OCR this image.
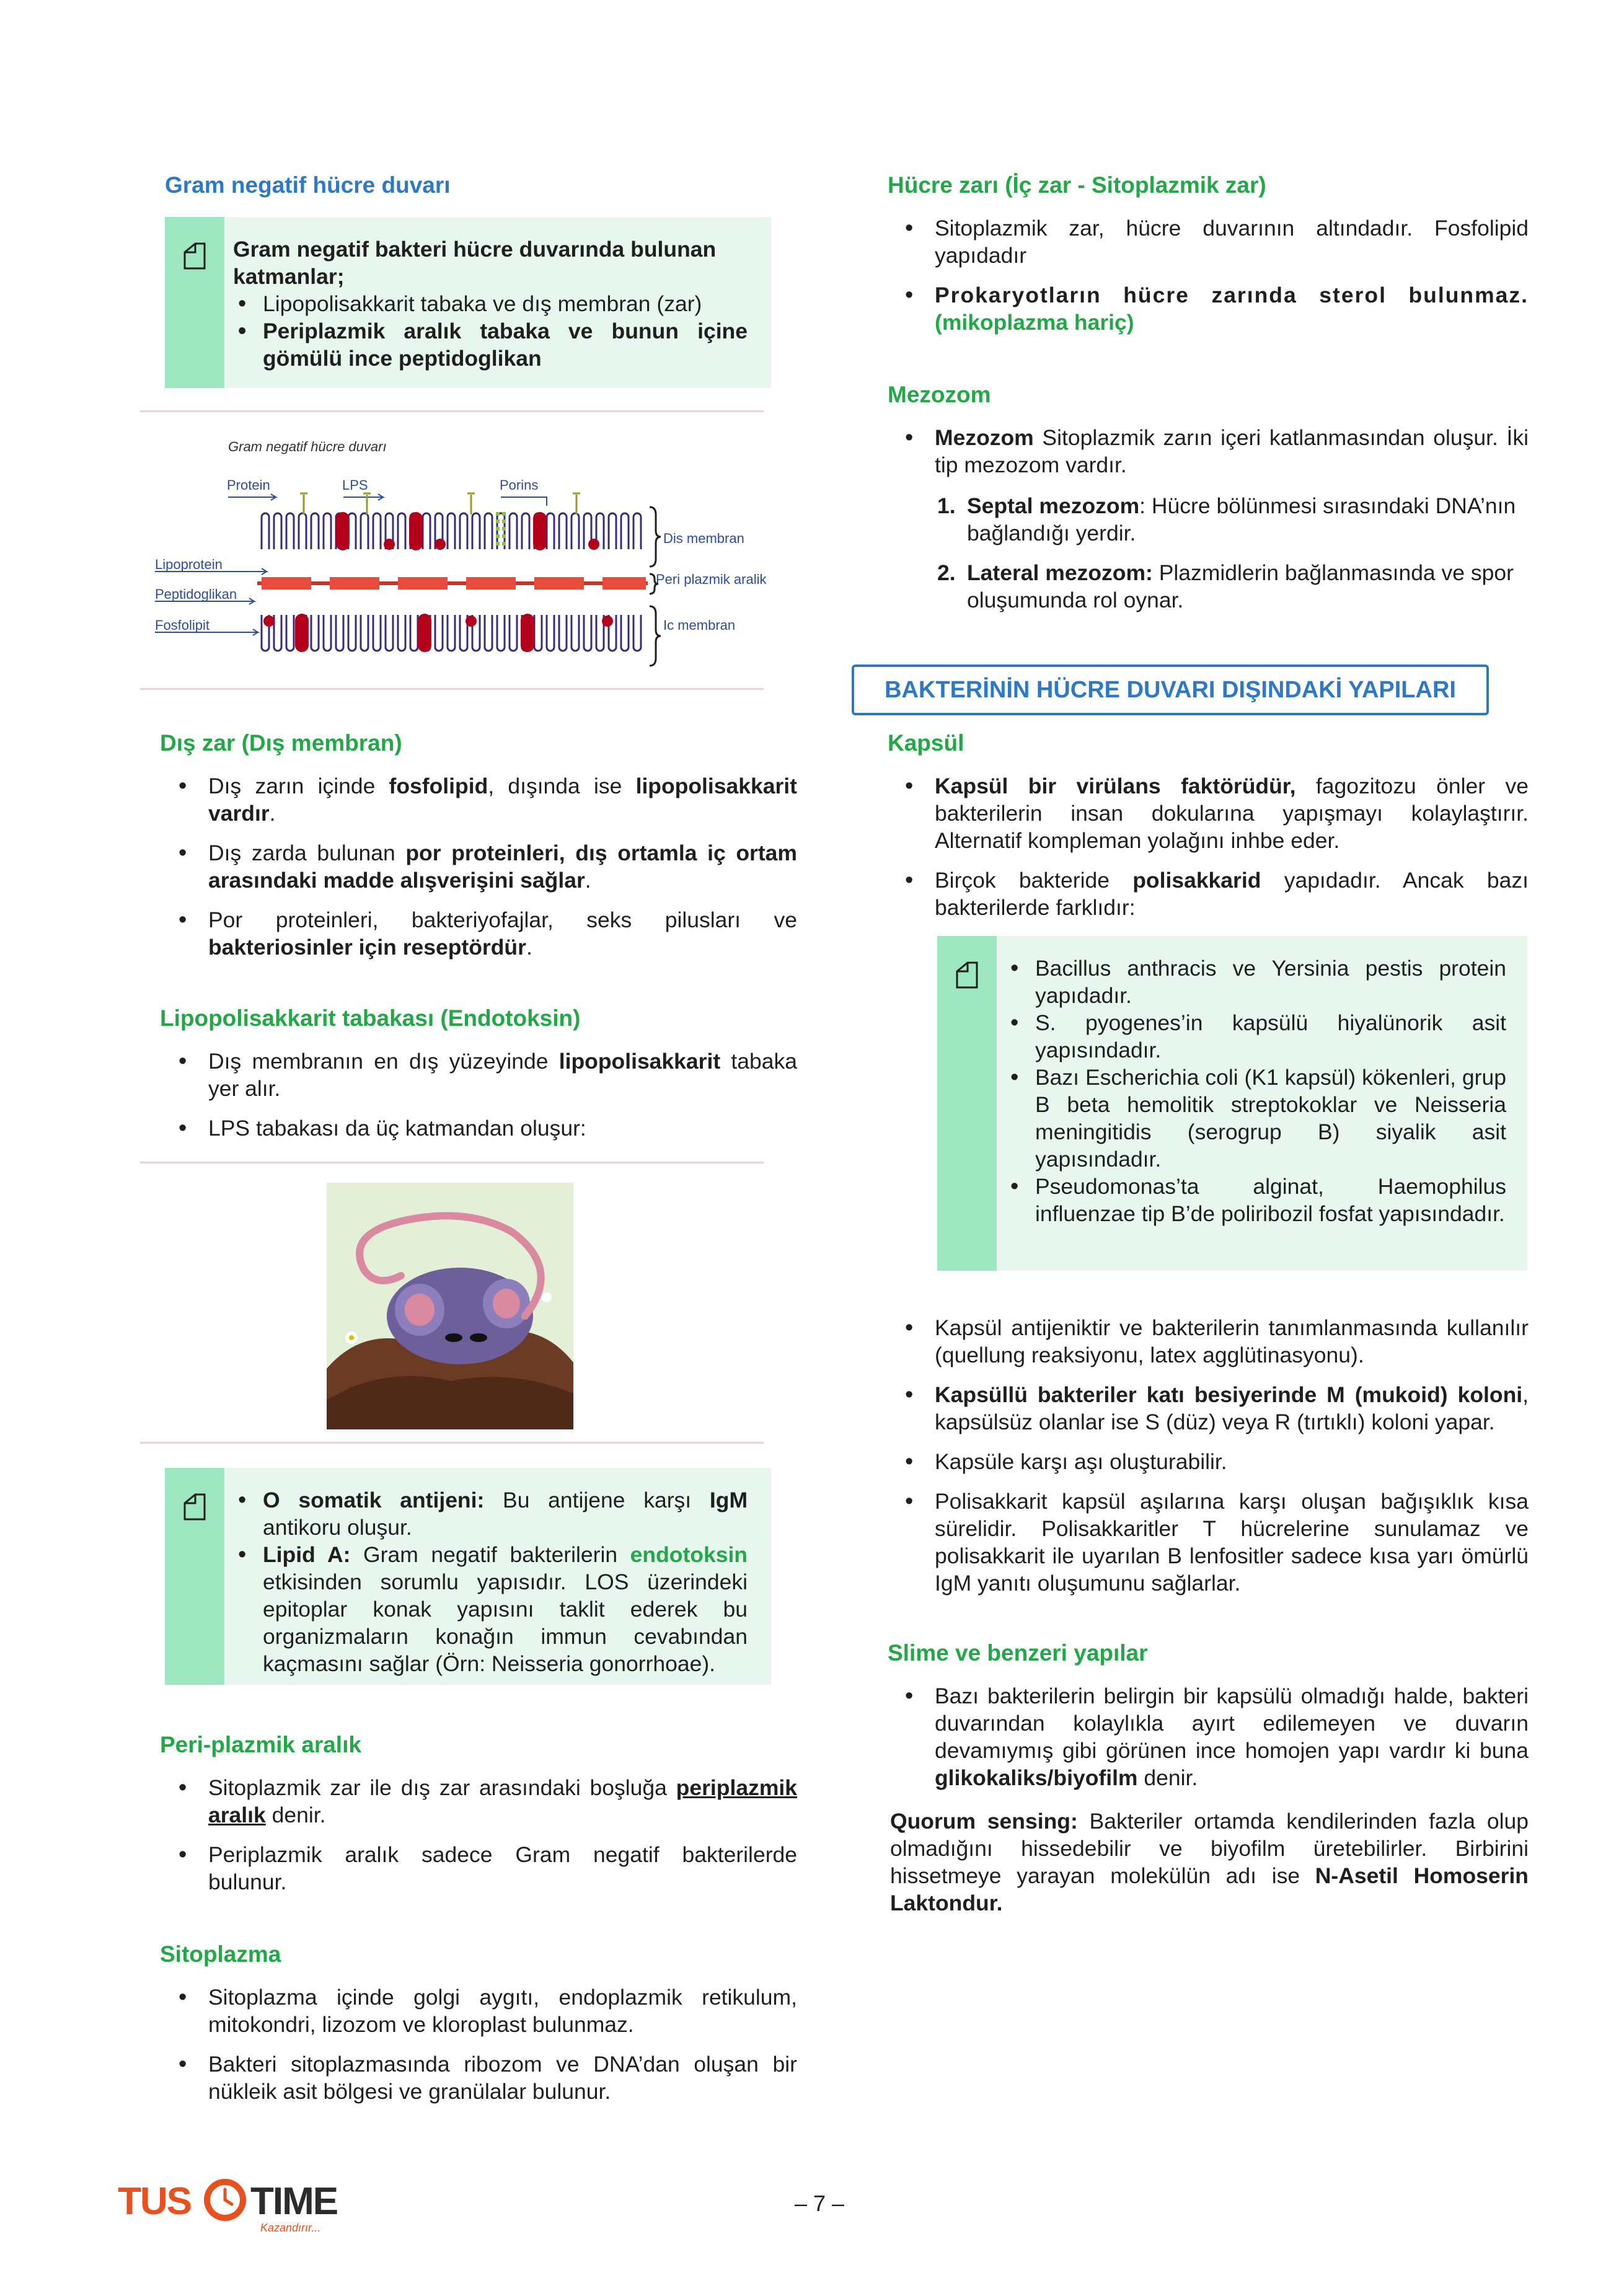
Gram negatif hücre duvarı
Gram negatif bakteri hücre duvarında bulunan katmanlar;
• Lipopolisakkarit tabaka ve dış membran (zar)
• Periplazmik aralık tabaka ve bunun içine gömülü ince peptidoglikan
Gram negatif hücre duvarı
Protein	LPS	Porins
Lipoprotein
Peptidoglikan
Fosfolipit
Dis membran
Peri plazmik aralik
Ic membran
Dış zar (Dış membran)
• Dış zarın içinde fosfolipid, dışında ise lipopolisakkarit vardır.
• Dış zarda bulunan por proteinleri, dış ortamla iç ortam arasındaki madde alışverişini sağlar.
• Por proteinleri, bakteriyofajlar, seks pilusları ve bakteriosinler için reseptördür.
Lipopolisakkarit tabakası (Endotoksin)
• Dış membranın en dış yüzeyinde lipopolisakkarit tabaka yer alır.
• LPS tabakası da üç katmandan oluşur:
• O somatik antijeni: Bu antijene karşı IgM antikoru oluşur.
• Lipid A: Gram negatif bakterilerin endotoksin etkisinden sorumlu yapısıdır. LOS üzerindeki epitoplar konak yapısını taklit ederek bu organizmaların konağın immun cevabından kaçmasını sağlar (Örn: Neisseria gonorrhoae).
Peri-plazmik aralık
• Sitoplazmik zar ile dış zar arasındaki boşluğa periplazmik aralık denir.
• Periplazmik aralık sadece Gram negatif bakterilerde bulunur.
Sitoplazma
• Sitoplazma içinde golgi aygıtı, endoplazmik retikulum, mitokondri, lizozom ve kloroplast bulunmaz.
• Bakteri sitoplazmasında ribozom ve DNA’dan oluşan bir nükleik asit bölgesi ve granülalar bulunur.
Hücre zarı (İç zar - Sitoplazmik zar)
• Sitoplazmik zar, hücre duvarının altındadır. Fosfolipid yapıdadır
• Prokaryotların hücre zarında sterol bulunmaz. (mikoplazma hariç)
Mezozom
• Mezozom Sitoplazmik zarın içeri katlanmasından oluşur. İki tip mezozom vardır.
1. Septal mezozom: Hücre bölünmesi sırasındaki DNA’nın bağlandığı yerdir.
2. Lateral mezozom: Plazmidlerin bağlanmasında ve spor oluşumunda rol oynar.
BAKTERİNİN HÜCRE DUVARI DIŞINDAKİ YAPILARI
Kapsül
• Kapsül bir virülans faktörüdür, fagozitozu önler ve bakterilerin insan dokularına yapışmayı kolaylaştırır. Alternatif kompleman yolağını inhbe eder.
• Birçok bakteride polisakkarid yapıdadır. Ancak bazı bakterilerde farklıdır:
• Bacillus anthracis ve Yersinia pestis protein yapıdadır.
• S. pyogenes’in kapsülü hiyalünorik asit yapısındadır.
• Bazı Escherichia coli (K1 kapsül) kökenleri, grup B beta hemolitik streptokoklar ve Neisseria meningitidis (serogrup B) siyalik asit yapısındadır.
• Pseudomonas’ta alginat, Haemophilus influenzae tip B’de poliribozil fosfat yapısındadır.
• Kapsül antijeniktir ve bakterilerin tanımlanmasında kullanılır (quellung reaksiyonu, latex agglütinasyonu).
• Kapsüllü bakteriler katı besiyerinde M (mukoid) koloni, kapsülsüz olanlar ise S (düz) veya R (tırtıklı) koloni yapar.
• Kapsüle karşı aşı oluşturabilir.
• Polisakkarit kapsül aşılarına karşı oluşan bağışıklık kısa sürelidir. Polisakkaritler T hücrelerine sunulamaz ve polisakkarit ile uyarılan B lenfositler sadece kısa yarı ömürlü IgM yanıtı oluşumunu sağlarlar.
Slime ve benzeri yapılar
• Bazı bakterilerin belirgin bir kapsülü olmadığı halde, bakteri duvarından kolaylıkla ayırt edilemeyen ve duvarın devamıymış gibi görünen ince homojen yapı vardır ki buna glikokaliks/biyofilm denir.
Quorum sensing: Bakteriler ortamda kendilerinden fazla olup olmadığını hissedebilir ve biyofilm üretebilirler. Birbirini hissetmeye yarayan molekülün adı ise N-Asetil Homoserin Laktondur.
TUS TIME
Kazandırır...
– 7 –
